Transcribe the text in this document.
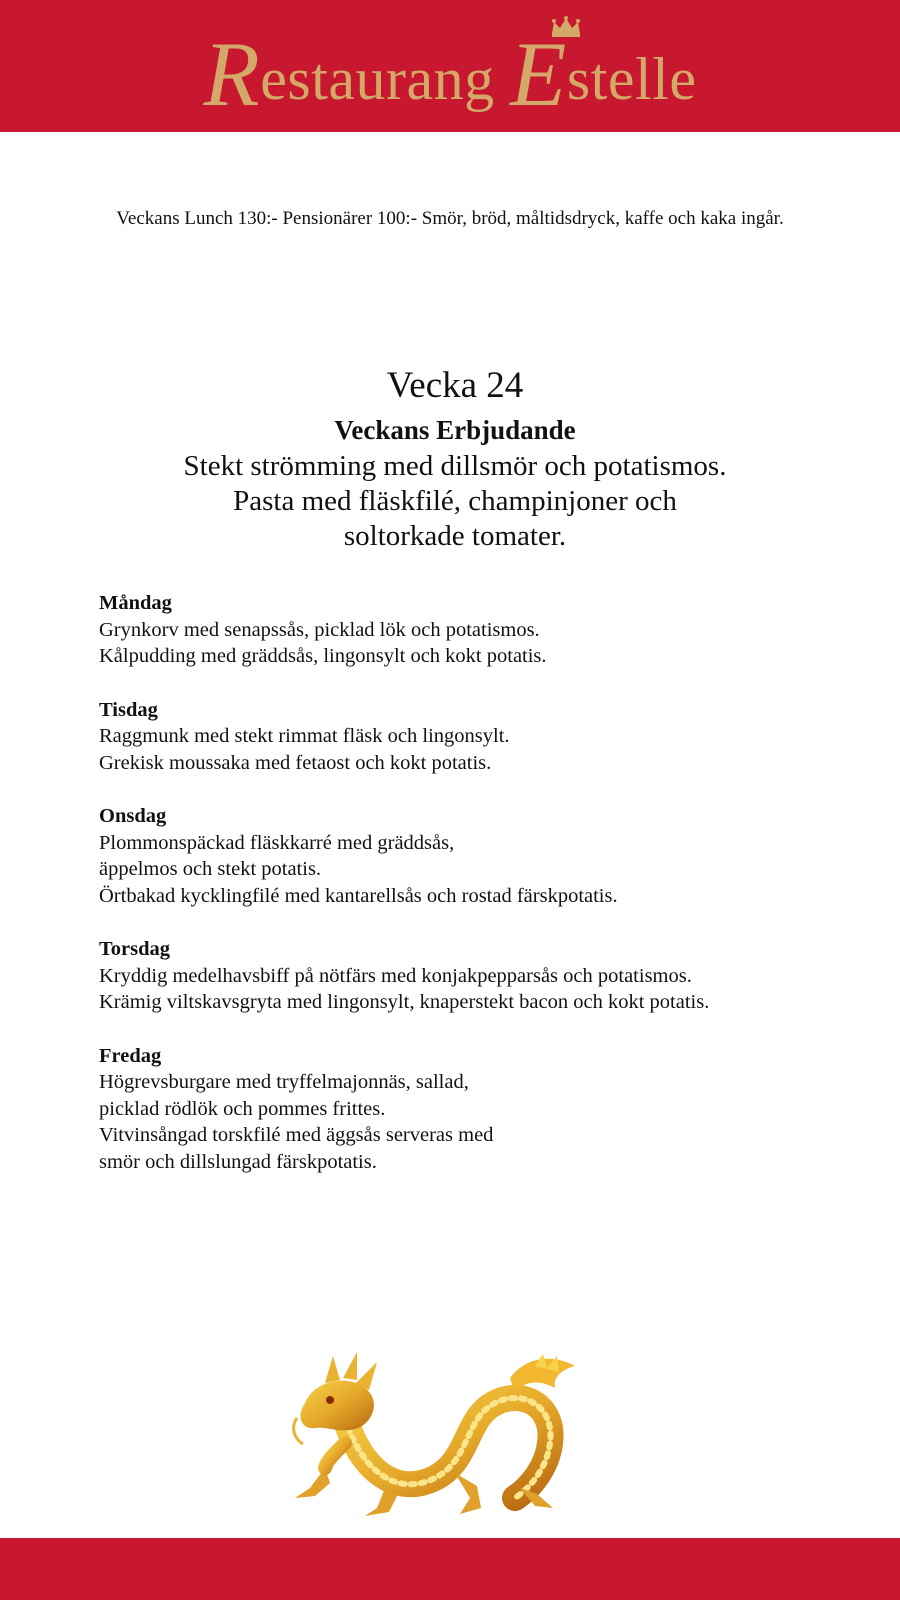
Restaurang Estelle
Veckans Lunch 130:- Pensionärer 100:- Smör, bröd, måltidsdryck, kaffe och kaka ingår.
Vecka 24
Veckans Erbjudande
Stekt strömming med dillsmör och potatismos.
Pasta med fläskfilé, champinjoner och
soltorkade tomater.
Måndag
Grynkorv med senapssås, picklad lök och potatismos.
Kålpudding med gräddsås, lingonsylt och kokt potatis.
Tisdag
Raggmunk med stekt rimmat fläsk och lingonsylt.
Grekisk moussaka med fetaost och kokt potatis.
Onsdag
Plommonspäckad fläskkarré med gräddsås,
äppelmos och stekt potatis.
Örtbakad kycklingfilé med kantarellsås och rostad färskpotatis.
Torsdag
Kryddig medelhavsbiff på nötfärs med konjakpepparsås och potatismos.
Krämig viltskavsgryta med lingonsylt, knaperstekt bacon och kokt potatis.
Fredag
Högrevsburgare med tryffelmajonnäs, sallad,
picklad rödlök och pommes frittes.
Vitvinsångad torskfilé med äggsås serveras med
smör och dillslungad färskpotatis.
